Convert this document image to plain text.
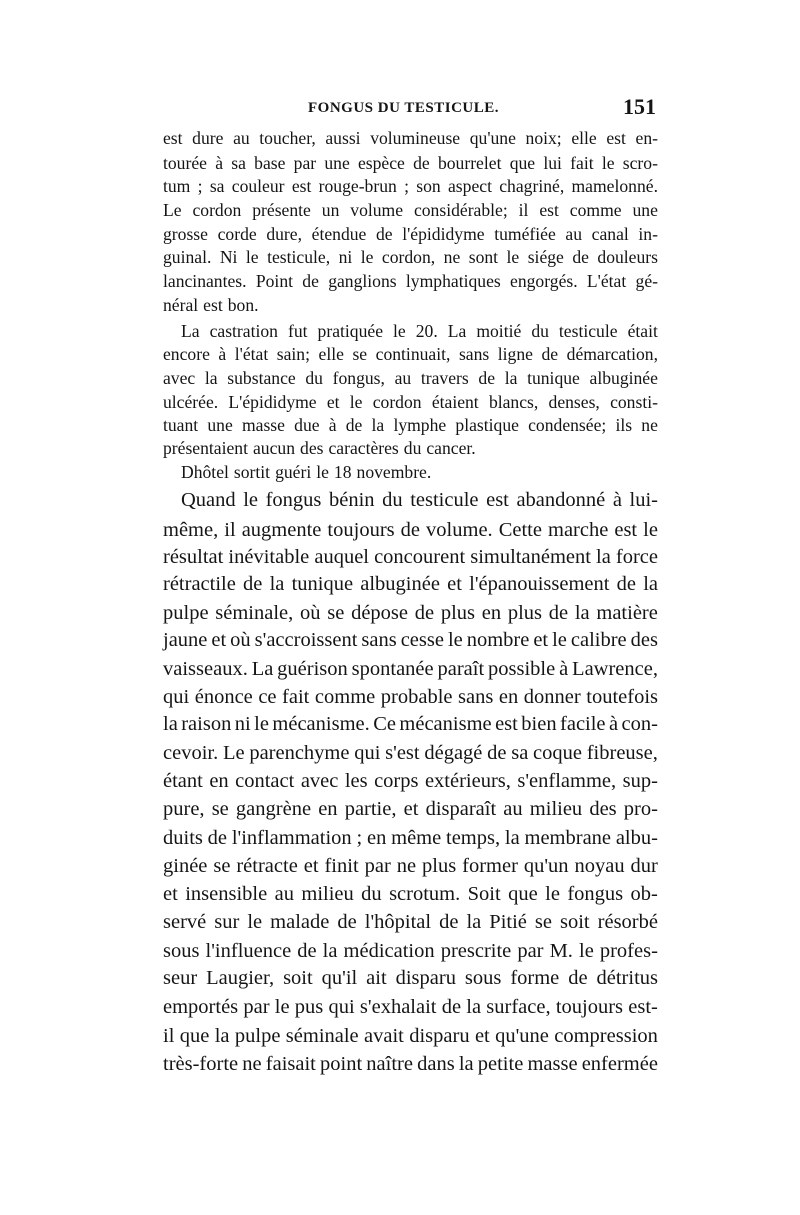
FONGUS DU TESTICULE.	151
est dure au toucher, aussi volumineuse qu'une noix; elle est en-
tourée à sa base par une espèce de bourrelet que lui fait le scro-
tum ; sa couleur est rouge-brun ; son aspect chagriné, mamelonné.
Le cordon présente un volume considérable; il est comme une
grosse corde dure, étendue de l'épididyme tuméfiée au canal in-
guinal. Ni le testicule, ni le cordon, ne sont le siége de douleurs
lancinantes. Point de ganglions lymphatiques engorgés. L'état gé-
néral est bon.
La castration fut pratiquée le 20. La moitié du testicule était
encore à l'état sain; elle se continuait, sans ligne de démarcation,
avec la substance du fongus, au travers de la tunique albuginée
ulcérée. L'épididyme et le cordon étaient blancs, denses, consti-
tuant une masse due à de la lymphe plastique condensée; ils ne
présentaient aucun des caractères du cancer.
Dhôtel sortit guéri le 18 novembre.
Quand le fongus bénin du testicule est abandonné à lui-
même, il augmente toujours de volume. Cette marche est le
résultat inévitable auquel concourent simultanément la force
rétractile de la tunique albuginée et l'épanouissement de la
pulpe séminale, où se dépose de plus en plus de la matière
jaune et où s'accroissent sans cesse le nombre et le calibre des
vaisseaux. La guérison spontanée paraît possible à Lawrence,
qui énonce ce fait comme probable sans en donner toutefois
la raison ni le mécanisme. Ce mécanisme est bien facile à con-
cevoir. Le parenchyme qui s'est dégagé de sa coque fibreuse,
étant en contact avec les corps extérieurs, s'enflamme, sup-
pure, se gangrène en partie, et disparaît au milieu des pro-
duits de l'inflammation ; en même temps, la membrane albu-
ginée se rétracte et finit par ne plus former qu'un noyau dur
et insensible au milieu du scrotum. Soit que le fongus ob-
servé sur le malade de l'hôpital de la Pitié se soit résorbé
sous l'influence de la médication prescrite par M. le profes-
seur Laugier, soit qu'il ait disparu sous forme de détritus
emportés par le pus qui s'exhalait de la surface, toujours est-
il que la pulpe séminale avait disparu et qu'une compression
très-forte ne faisait point naître dans la petite masse enfermée
